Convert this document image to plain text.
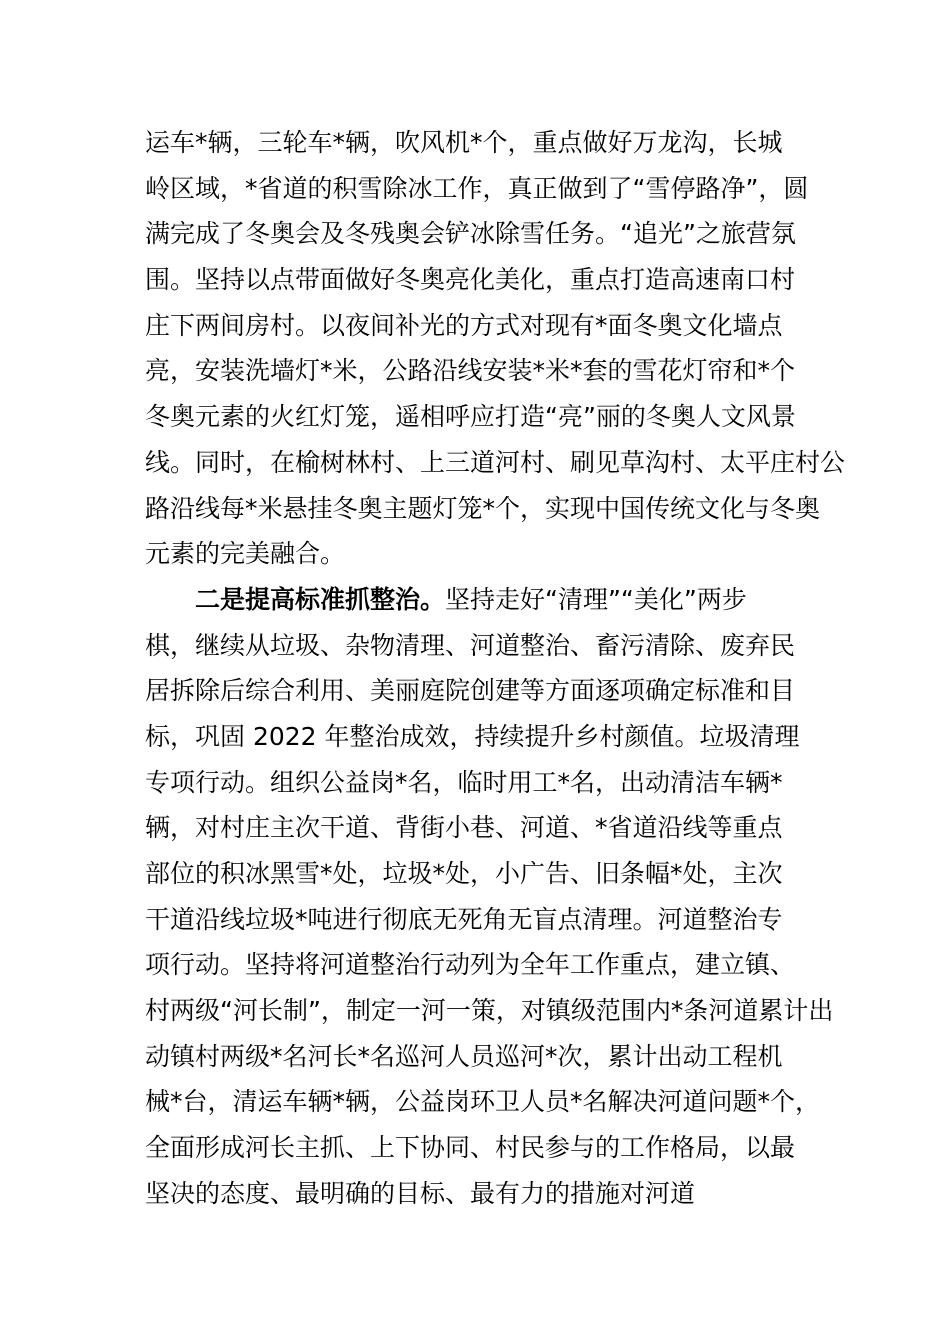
运车*辆，三轮车*辆，吹风机*个，重点做好万龙沟，长城
岭区域，*省道的积雪除冰工作，真正做到了“雪停路净”，圆
满完成了冬奥会及冬残奥会铲冰除雪任务。“追光”之旅营氛
围。坚持以点带面做好冬奥亮化美化，重点打造高速南口村
庄下两间房村。以夜间补光的方式对现有*面冬奥文化墙点
亮，安装洗墙灯*米，公路沿线安装*米*套的雪花灯帘和*个
冬奥元素的火红灯笼，遥相呼应打造“亮”丽的冬奥人文风景
线。同时，在榆树林村、上三道河村、刷见草沟村、太平庄村公
路沿线每*米悬挂冬奥主题灯笼*个，实现中国传统文化与冬奥
元素的完美融合。
二是提高标准抓整治。坚持走好“清理”“美化”两步
棋，继续从垃圾、杂物清理、河道整治、畜污清除、废弃民
居拆除后综合利用、美丽庭院创建等方面逐项确定标准和目
标，巩固 2022 年整治成效，持续提升乡村颜值。垃圾清理
专项行动。组织公益岗*名，临时用工*名，出动清洁车辆*
辆，对村庄主次干道、背街小巷、河道、*省道沿线等重点
部位的积冰黑雪*处，垃圾*处，小广告、旧条幅*处，主次
干道沿线垃圾*吨进行彻底无死角无盲点清理。河道整治专
项行动。坚持将河道整治行动列为全年工作重点，建立镇、
村两级“河长制”，制定一河一策，对镇级范围内*条河道累计出
动镇村两级*名河长*名巡河人员巡河*次，累计出动工程机
械*台，清运车辆*辆，公益岗环卫人员*名解决河道问题*个，
全面形成河长主抓、上下协同、村民参与的工作格局，以最
坚决的态度、最明确的目标、最有力的措施对河道
